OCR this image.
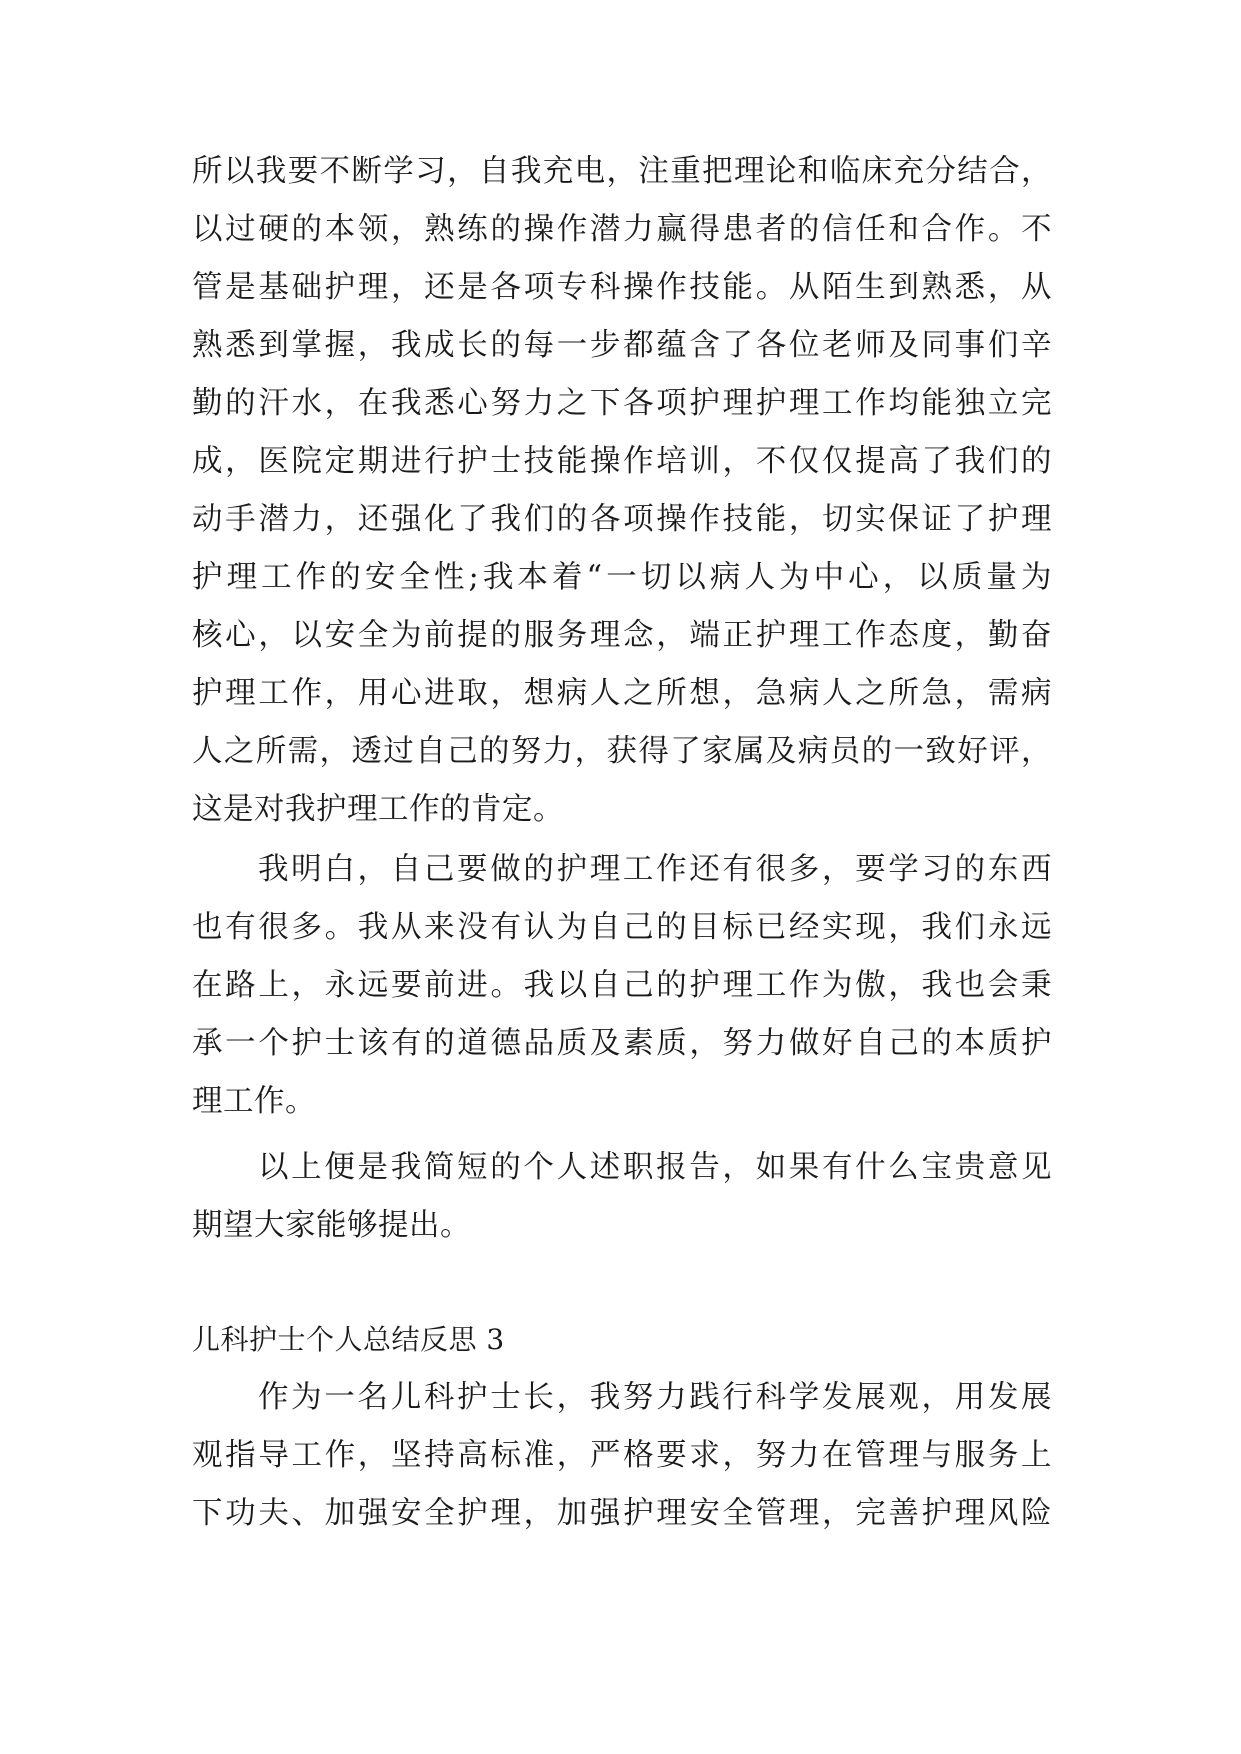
所以我要不断学习，自我充电，注重把理论和临床充分结合，
以过硬的本领，熟练的操作潜力赢得患者的信任和合作。不
管是基础护理，还是各项专科操作技能。从陌生到熟悉，从
熟悉到掌握，我成长的每一步都蕴含了各位老师及同事们辛
勤的汗水，在我悉心努力之下各项护理护理工作均能独立完
成，医院定期进行护士技能操作培训，不仅仅提高了我们的
动手潜力，还强化了我们的各项操作技能，切实保证了护理
护理工作的安全性;我本着“一切以病人为中心，以质量为
核心，以安全为前提的服务理念，端正护理工作态度，勤奋
护理工作，用心进取，想病人之所想，急病人之所急，需病
人之所需，透过自己的努力，获得了家属及病员的一致好评，
这是对我护理工作的肯定。
我明白，自己要做的护理工作还有很多，要学习的东西
也有很多。我从来没有认为自己的目标已经实现，我们永远
在路上，永远要前进。我以自己的护理工作为傲，我也会秉
承一个护士该有的道德品质及素质，努力做好自己的本质护
理工作。
以上便是我简短的个人述职报告，如果有什么宝贵意见
期望大家能够提出。
儿科护士个人总结反思 3
作为一名儿科护士长，我努力践行科学发展观，用发展
观指导工作，坚持高标准，严格要求，努力在管理与服务上
下功夫、加强安全护理，加强护理安全管理，完善护理风险
